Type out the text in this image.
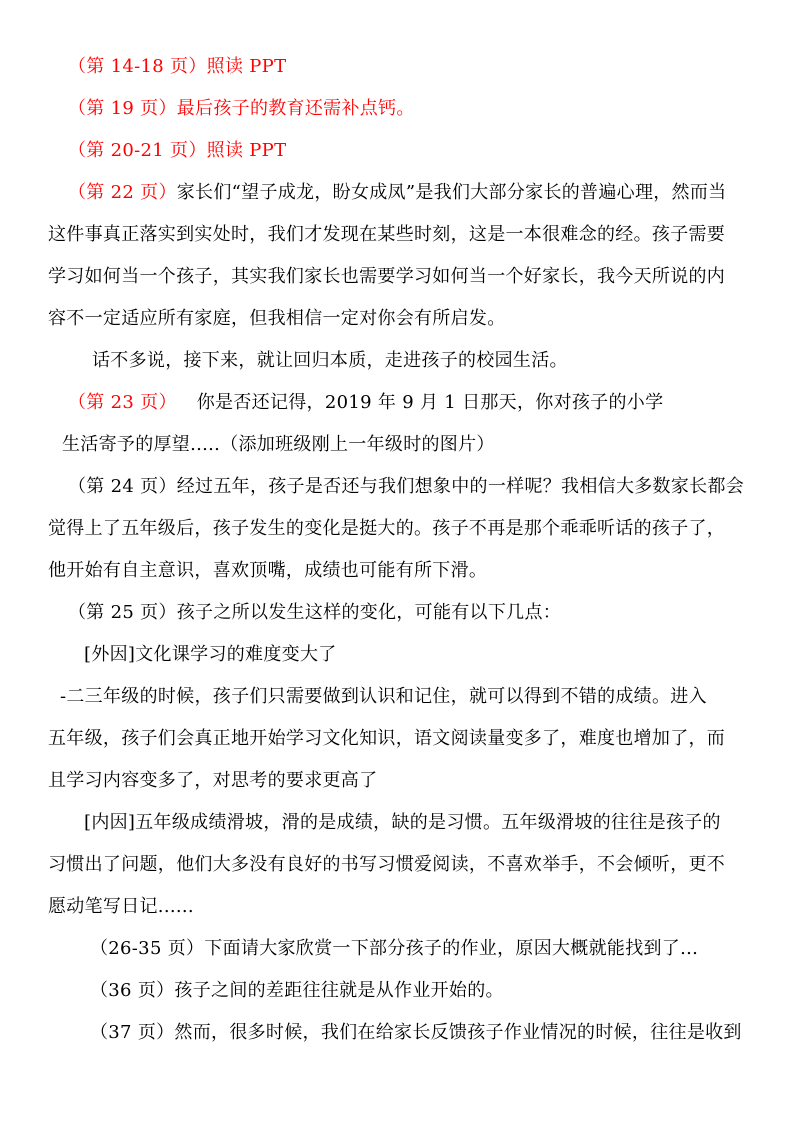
（第 14-18 页）照读 PPT
（第 19 页）最后孩子的教育还需补点钙。
（第 20-21 页）照读 PPT
（第 22 页）家长们“望子成龙，盼女成凤”是我们大部分家长的普遍心理，然而当
这件事真正落实到实处时，我们才发现在某些时刻，这是一本很难念的经。孩子需要
学习如何当一个孩子，其实我们家长也需要学习如何当一个好家长，我今天所说的内
容不一定适应所有家庭，但我相信一定对你会有所启发。
话不多说，接下来，就让回归本质，走进孩子的校园生活。
（第 23 页） 你是否还记得，2019 年 9 月 1 日那天，你对孩子的小学
生活寄予的厚望.....（添加班级刚上一年级时的图片）
（第 24 页）经过五年，孩子是否还与我们想象中的一样呢？我相信大多数家长都会
觉得上了五年级后，孩子发生的变化是挺大的。孩子不再是那个乖乖听话的孩子了，
他开始有自主意识，喜欢顶嘴，成绩也可能有所下滑。
（第 25 页）孩子之所以发生这样的变化，可能有以下几点：
[外因]文化课学习的难度变大了
-二三年级的时候，孩子们只需要做到认识和记住，就可以得到不错的成绩。进入
五年级，孩子们会真正地开始学习文化知识，语文阅读量变多了，难度也增加了，而
且学习内容变多了，对思考的要求更高了
[内因]五年级成绩滑坡，滑的是成绩，缺的是习惯。五年级滑坡的往往是孩子的
习惯出了问题，他们大多没有良好的书写习惯爱阅读，不喜欢举手，不会倾听，更不
愿动笔写日记......
（26-35 页）下面请大家欣赏一下部分孩子的作业，原因大概就能找到了...
（36 页）孩子之间的差距往往就是从作业开始的。
（37 页）然而，很多时候，我们在给家长反馈孩子作业情况的时候，往往是收到
